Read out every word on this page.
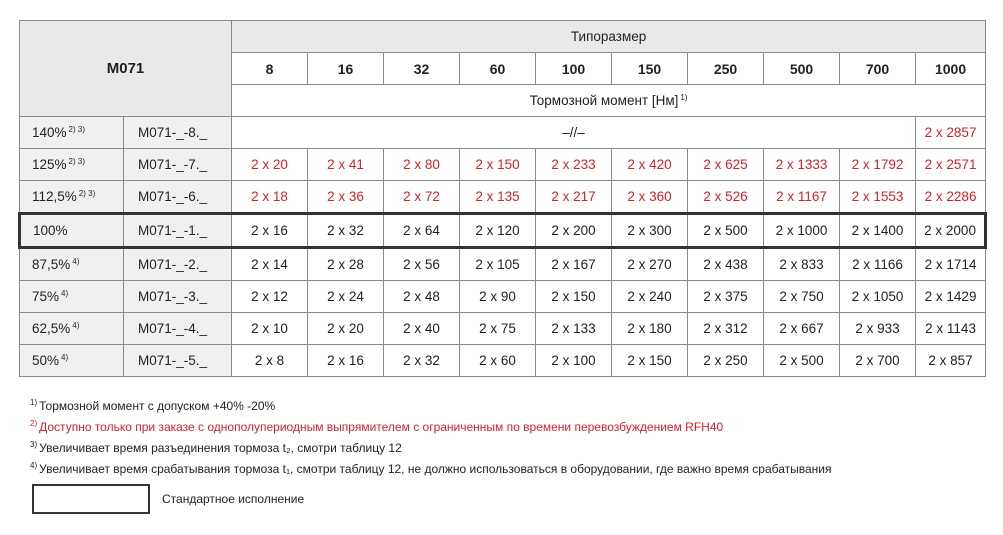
M071		Типоразмер									
		8	16	32	60	100	150	250	500	700	1000
		Тормозной момент [Нм] $^{1)}$
140% $^{2) 3)}$	M071-_-8._	–//–									2 x 2857
125% $^{2) 3)}$	M071-_-7._	2 x 20	2 x 41	2 x 80	2 x 150	2 x 233	2 x 420	2 x 625	2 x 1333	2 x 1792	2 x 2571
112,5% $^{2) 3)}$	M071-_-6._	2 x 18	2 x 36	2 x 72	2 x 135	2 x 217	2 x 360	2 x 526	2 x 1167	2 x 1553	2 x 2286
100%	M071-_-1._	2 x 16	2 x 32	2 x 64	2 x 120	2 x 200	2 x 300	2 x 500	2 x 1000	2 x 1400	2 x 2000
87,5% $^{4)}$	M071-_-2._	2 x 14	2 x 28	2 x 56	2 x 105	2 x 167	2 x 270	2 x 438	2 x 833	2 x 1166	2 x 1714
75% $^{4)}$	M071-_-3._	2 x 12	2 x 24	2 x 48	2 x 90	2 x 150	2 x 240	2 x 375	2 x 750	2 x 1050	2 x 1429
62,5% $^{4)}$	M071-_-4._	2 x 10	2 x 20	2 x 40	2 x 75	2 x 133	2 x 180	2 x 312	2 x 667	2 x 933	2 x 1143
50% $^{4)}$	M071-_-5._	2 x 8	2 x 16	2 x 32	2 x 60	2 x 100	2 x 150	2 x 250	2 x 500	2 x 700	2 x 857
$^{1)}$ Тормозной момент с допуском +40% -20%
$^{2)}$ Доступно только при заказе с однополупериодным выпрямителем с ограниченным по времени перевозбуждением RFH40
$^{3)}$ Увеличивает время разъединения тормоза t₂, смотри таблицу 12
$^{4)}$ Увеличивает время срабатывания тормоза t₁, смотри таблицу 12, не должно использоваться в оборудовании, где важно время срабатывания
Стандартное исполнение
